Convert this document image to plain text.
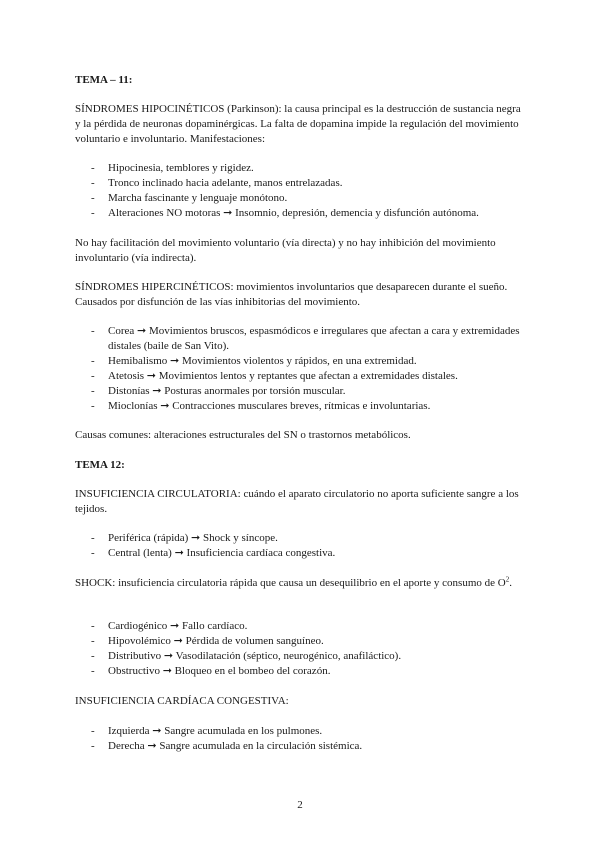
TEMA – 11:

SÍNDROMES HIPOCINÉTICOS (Parkinson): la causa principal es la destrucción de sustancia negra y la pérdida de neuronas dopaminérgicas. La falta de dopamina impide la regulación del movimiento voluntario e involuntario. Manifestaciones:

- Hipocinesia, temblores y rigidez.
- Tronco inclinado hacia adelante, manos entrelazadas.
- Marcha fascinante y lenguaje monótono.
- Alteraciones NO motoras ➞ Insomnio, depresión, demencia y disfunción autónoma.

No hay facilitación del movimiento voluntario (vía directa) y no hay inhibición del movimiento involuntario (vía indirecta).

SÍNDROMES HIPERCINÉTICOS: movimientos involuntarios que desaparecen durante el sueño. Causados por disfunción de las vías inhibitorias del movimiento.

- Corea ➞ Movimientos bruscos, espasmódicos e irregulares que afectan a cara y extremidades distales (baile de San Vito).
- Hemibalismo ➞ Movimientos violentos y rápidos, en una extremidad.
- Atetosis ➞ Movimientos lentos y reptantes que afectan a extremidades distales.
- Distonías ➞ Posturas anormales por torsión muscular.
- Mioclonías ➞ Contracciones musculares breves, rítmicas e involuntarias.

Causas comunes: alteraciones estructurales del SN o trastornos metabólicos.

TEMA 12:

INSUFICIENCIA CIRCULATORIA: cuándo el aparato circulatorio no aporta suficiente sangre a los tejidos.

- Periférica (rápida) ➞ Shock y síncope.
- Central (lenta) ➞ Insuficiencia cardíaca congestiva.

SHOCK: insuficiencia circulatoria rápida que causa un desequilibrio en el aporte y consumo de $O^2$.

- Cardiogénico ➞ Fallo cardíaco.
- Hipovolémico ➞ Pérdida de volumen sanguíneo.
- Distributivo ➞ Vasodilatación (séptico, neurogénico, anafiláctico).
- Obstructivo ➞ Bloqueo en el bombeo del corazón.

INSUFICIENCIA CARDÍACA CONGESTIVA:

- Izquierda ➞ Sangre acumulada en los pulmones.
- Derecha ➞ Sangre acumulada en la circulación sistémica.
2
